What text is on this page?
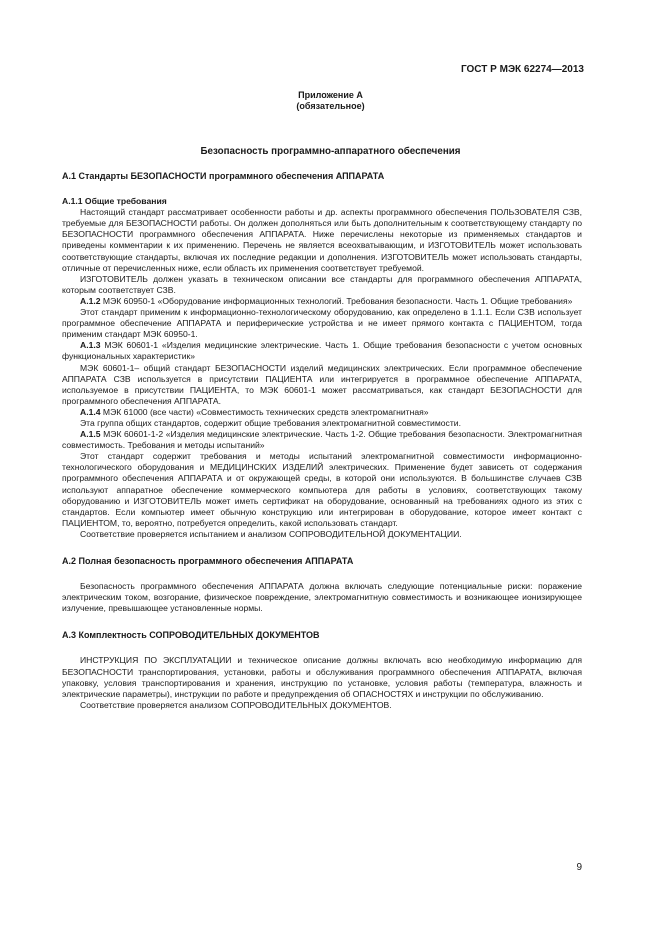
ГОСТ Р МЭК 62274—2013
Приложение А
(обязательное)
Безопасность программно-аппаратного обеспечения
А.1 Стандарты БЕЗОПАСНОСТИ программного обеспечения АППАРАТА
А.1.1 Общие требования

Настоящий стандарт рассматривает особенности работы и др. аспекты программного обеспечения ПОЛЬЗОВАТЕЛЯ СЗВ, требуемые для БЕЗОПАСНОСТИ работы. Он должен дополняться или быть дополнительным к соответствующему стандарту по БЕЗОПАСНОСТИ программного обеспечения АППАРАТА. Ниже перечислены некоторые из применяемых стандартов и приведены комментарии к их применению. Перечень не является всеохватывающим, и ИЗГОТОВИТЕЛЬ может использовать соответствующие стандарты, включая их последние редакции и дополнения. ИЗГОТОВИТЕЛЬ может использовать стандарты, отличные от перечисленных ниже, если область их применения соответствует требуемой.

ИЗГОТОВИТЕЛЬ должен указать в техническом описании все стандарты для программного обеспечения АППАРАТА, которым соответствует СЗВ.

А.1.2 МЭК 60950-1 «Оборудование информационных технологий. Требования безопасности. Часть 1. Общие требования»

Этот стандарт применим к информационно-технологическому оборудованию, как определено в 1.1.1. Если СЗВ использует программное обеспечение АППАРАТА и периферические устройства и не имеет прямого контакта с ПАЦИЕНТОМ, тогда применим стандарт МЭК 60950-1.

А.1.3 МЭК 60601-1 «Изделия медицинские электрические. Часть 1. Общие требования безопасности с учетом основных функциональных характеристик»

МЭК 60601-1– общий стандарт БЕЗОПАСНОСТИ изделий медицинских электрических. Если программное обеспечение АППАРАТА СЗВ используется в присутствии ПАЦИЕНТА или интегрируется в программное обеспечение АППАРАТА, используемое в присутствии ПАЦИЕНТА, то МЭК 60601-1 может рассматриваться, как стандарт БЕЗОПАСНОСТИ для программного обеспечения АППАРАТА.

А.1.4 МЭК 61000 (все части) «Совместимость технических средств электромагнитная»

Эта группа общих стандартов, содержит общие требования электромагнитной совместимости.

А.1.5 МЭК 60601-1-2 «Изделия медицинские электрические. Часть 1-2. Общие требования безопасности. Электромагнитная совместимость. Требования и методы испытаний»

Этот стандарт содержит требования и методы испытаний электромагнитной совместимости информационно-технологического оборудования и МЕДИЦИНСКИХ ИЗДЕЛИЙ электрических. Применение будет зависеть от содержания программного обеспечения АППАРАТА и от окружающей среды, в которой они используются. В большинстве случаев СЗВ используют аппаратное обеспечение коммерческого компьютера для работы в условиях, соответствующих такому оборудованию и ИЗГОТОВИТЕЛЬ может иметь сертификат на оборудование, основанный на требованиях одного из этих с стандартов. Если компьютер имеет обычную конструкцию или интегрирован в оборудование, которое имеет контакт с ПАЦИЕНТОМ, то, вероятно, потребуется определить, какой использовать стандарт.

Соответствие проверяется испытанием и анализом СОПРОВОДИТЕЛЬНОЙ ДОКУМЕНТАЦИИ.

А.2 Полная безопасность программного обеспечения АППАРАТА

Безопасность программного обеспечения АППАРАТА должна включать следующие потенциальные риски: поражение электрическим током, возгорание, физическое повреждение, электромагнитную совместимость и возникающее ионизирующее излучение, превышающее установленные нормы.

А.3 Комплектность СОПРОВОДИТЕЛЬНЫХ ДОКУМЕНТОВ

ИНСТРУКЦИЯ ПО ЭКСПЛУАТАЦИИ и техническое описание должны включать всю необходимую информацию для БЕЗОПАСНОСТИ транспортирования, установки, работы и обслуживания программного обеспечения АППАРАТА, включая упаковку, условия транспортирования и хранения, инструкцию по установке, условия работы (температура, влажность и электрические параметры), инструкции по работе и предупреждения об ОПАСНОСТЯХ и инструкции по обслуживанию.

Соответствие проверяется анализом СОПРОВОДИТЕЛЬНЫХ ДОКУМЕНТОВ.

9
